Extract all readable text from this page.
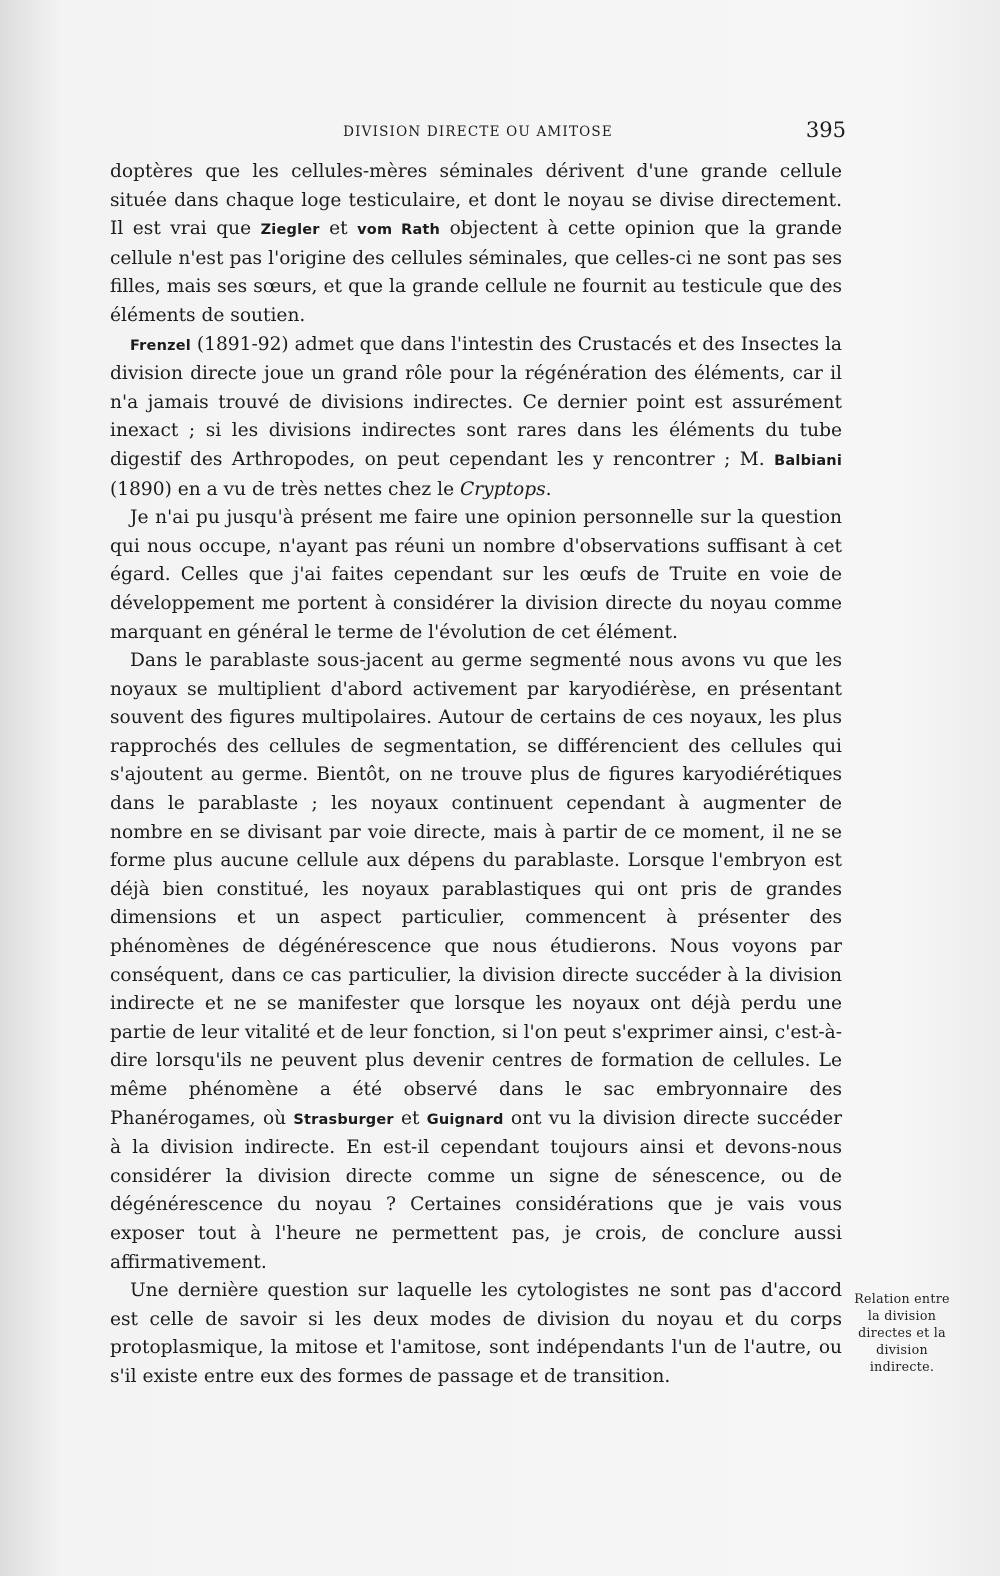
DIVISION DIRECTE OU AMITOSE	395

doptères que les cellules-mères séminales dérivent d'une grande cellule située dans chaque loge testiculaire, et dont le noyau se divise directement. Il est vrai que Ziegler et vom Rath objectent à cette opinion que la grande cellule n'est pas l'origine des cellules séminales, que celles-ci ne sont pas ses filles, mais ses sœurs, et que la grande cellule ne fournit au testicule que des éléments de soutien.

Frenzel (1891-92) admet que dans l'intestin des Crustacés et des Insectes la division directe joue un grand rôle pour la régénération des éléments, car il n'a jamais trouvé de divisions indirectes. Ce dernier point est assurément inexact ; si les divisions indirectes sont rares dans les éléments du tube digestif des Arthropodes, on peut cependant les y rencontrer ; M. Balbiani (1890) en a vu de très nettes chez le Cryptops.

Je n'ai pu jusqu'à présent me faire une opinion personnelle sur la question qui nous occupe, n'ayant pas réuni un nombre d'observations suffisant à cet égard. Celles que j'ai faites cependant sur les œufs de Truite en voie de développement me portent à considérer la division directe du noyau comme marquant en général le terme de l'évolution de cet élément.

Dans le parablaste sous-jacent au germe segmenté nous avons vu que les noyaux se multiplient d'abord activement par karyodiérèse, en présentant souvent des figures multipolaires. Autour de certains de ces noyaux, les plus rapprochés des cellules de segmentation, se différencient des cellules qui s'ajoutent au germe. Bientôt, on ne trouve plus de figures karyodiérétiques dans le parablaste ; les noyaux continuent cependant à augmenter de nombre en se divisant par voie directe, mais à partir de ce moment, il ne se forme plus aucune cellule aux dépens du parablaste. Lorsque l'embryon est déjà bien constitué, les noyaux parablastiques qui ont pris de grandes dimensions et un aspect particulier, commencent à présenter des phénomènes de dégénérescence que nous étudierons. Nous voyons par conséquent, dans ce cas particulier, la division directe succéder à la division indirecte et ne se manifester que lorsque les noyaux ont déjà perdu une partie de leur vitalité et de leur fonction, si l'on peut s'exprimer ainsi, c'est-à-dire lorsqu'ils ne peuvent plus devenir centres de formation de cellules. Le même phénomène a été observé dans le sac embryonnaire des Phanérogames, où Strasburger et Guignard ont vu la division directe succéder à la division indirecte. En est-il cependant toujours ainsi et devons-nous considérer la division directe comme un signe de sénescence, ou de dégénérescence du noyau ? Certaines considérations que je vais vous exposer tout à l'heure ne permettent pas, je crois, de conclure aussi affirmativement.

Une dernière question sur laquelle les cytologistes ne sont pas d'accord est celle de savoir si les deux modes de division du noyau et du corps protoplasmique, la mitose et l'amitose, sont indépendants l'un de l'autre, ou s'il existe entre eux des formes de passage et de transition.

Relation entre
la division
directes et la
division
indirecte.
